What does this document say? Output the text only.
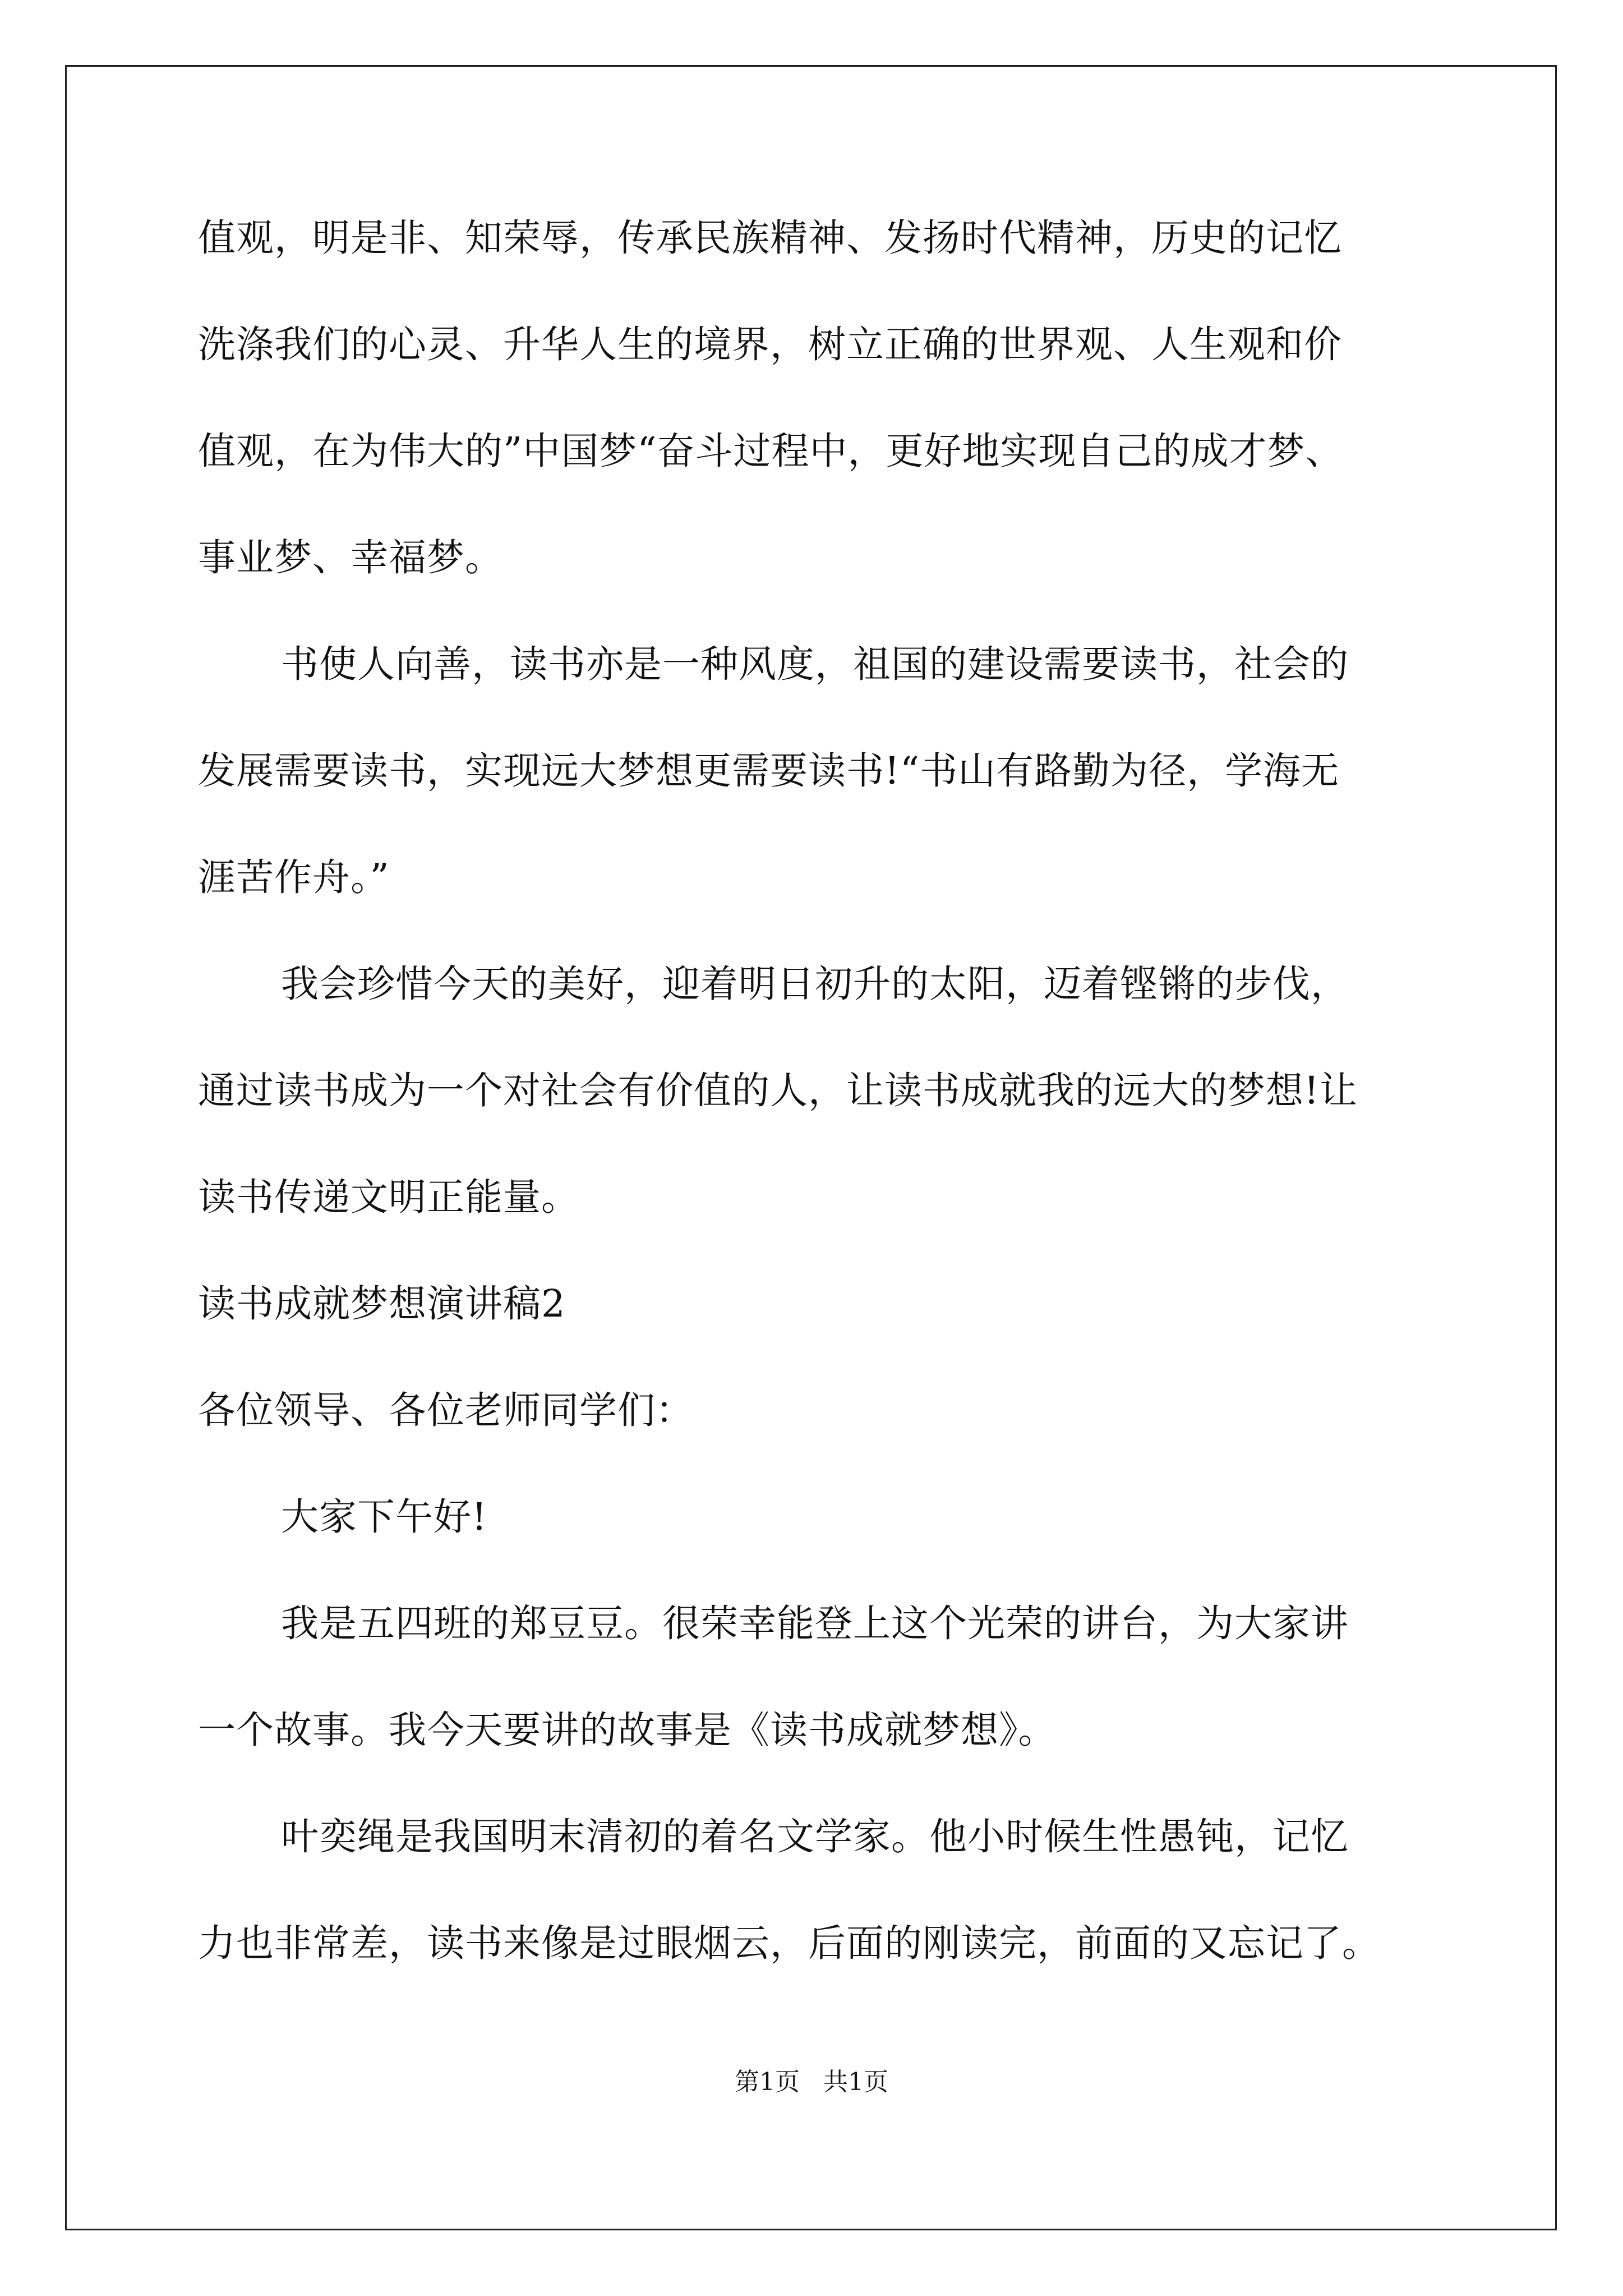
值观，明是非、知荣辱，传承民族精神、发扬时代精神，历史的记忆
洗涤我们的心灵、升华人生的境界，树立正确的世界观、人生观和价
值观，在为伟大的”中国梦“奋斗过程中，更好地实现自己的成才梦、
事业梦、幸福梦。
书使人向善，读书亦是一种风度，祖国的建设需要读书，社会的
发展需要读书，实现远大梦想更需要读书!“书山有路勤为径，学海无
涯苦作舟。”
我会珍惜今天的美好，迎着明日初升的太阳，迈着铿锵的步伐，
通过读书成为一个对社会有价值的人，让读书成就我的远大的梦想!让
读书传递文明正能量。
读书成就梦想演讲稿2
各位领导、各位老师同学们：
大家下午好!
我是五四班的郑豆豆。很荣幸能登上这个光荣的讲台，为大家讲
一个故事。我今天要讲的故事是《读书成就梦想》。
叶奕绳是我国明末清初的着名文学家。他小时候生性愚钝，记忆
力也非常差，读书来像是过眼烟云，后面的刚读完，前面的又忘记了。
第1页   共1页
